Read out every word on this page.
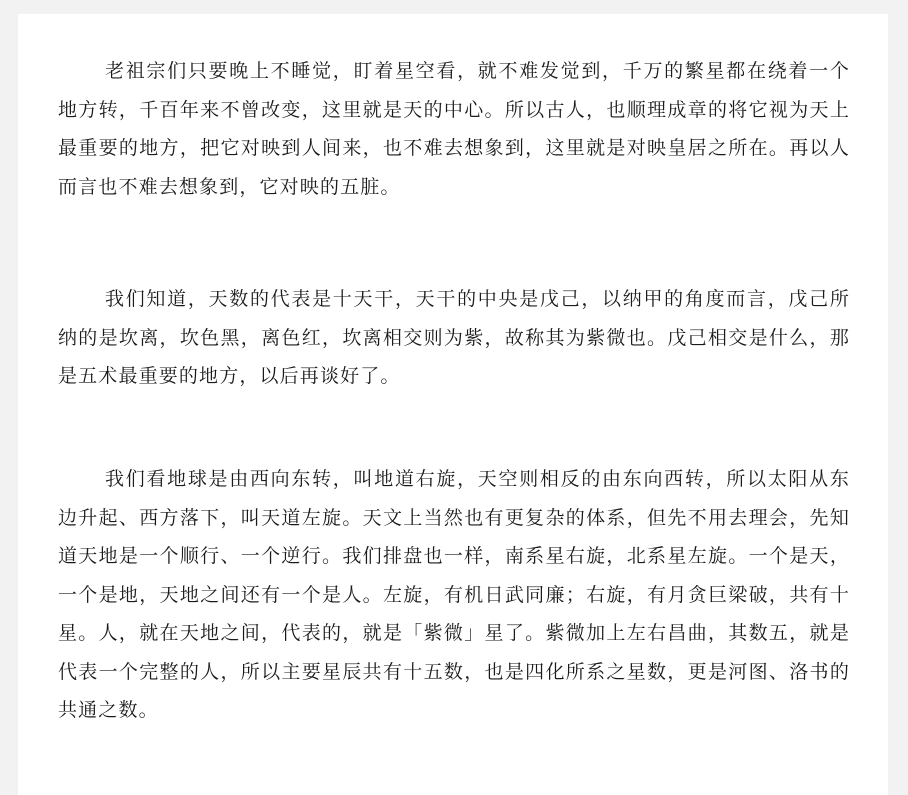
老祖宗们只要晚上不睡觉，盯着星空看，就不难发觉到，千万的繁星都在绕着一个地方转，千百年来不曾改变，这里就是天的中心。所以古人，也顺理成章的将它视为天上最重要的地方，把它对映到人间来，也不难去想象到，这里就是对映皇居之所在。再以人而言也不难去想象到，它对映的五脏。

我们知道，天数的代表是十天干，天干的中央是戊己，以纳甲的角度而言，戊己所纳的是坎离，坎色黑，离色红，坎离相交则为紫，故称其为紫微也。戊己相交是什么，那是五术最重要的地方，以后再谈好了。

我们看地球是由西向东转，叫地道右旋，天空则相反的由东向西转，所以太阳从东边升起、西方落下，叫天道左旋。天文上当然也有更复杂的体系，但先不用去理会，先知道天地是一个顺行、一个逆行。我们排盘也一样，南系星右旋，北系星左旋。一个是天，一个是地，天地之间还有一个是人。左旋，有机日武同廉；右旋，有月贪巨梁破，共有十星。人，就在天地之间，代表的，就是「紫微」星了。紫微加上左右昌曲，其数五，就是代表一个完整的人，所以主要星辰共有十五数，也是四化所系之星数，更是河图、洛书的共通之数。
